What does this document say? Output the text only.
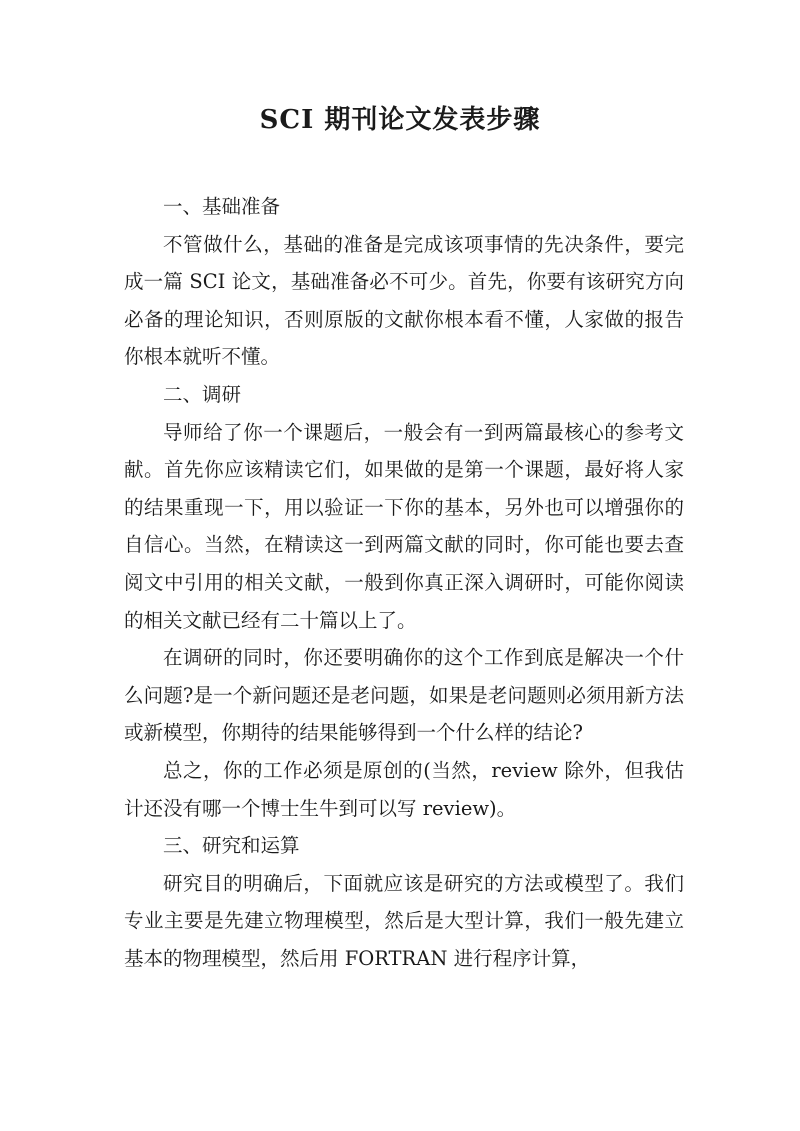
SCI 期刊论文发表步骤

一、基础准备

不管做什么，基础的准备是完成该项事情的先决条件，要完成一篇 SCI 论文，基础准备必不可少。首先，你要有该研究方向必备的理论知识，否则原版的文献你根本看不懂，人家做的报告你根本就听不懂。

二、调研

导师给了你一个课题后，一般会有一到两篇最核心的参考文献。首先你应该精读它们，如果做的是第一个课题，最好将人家的结果重现一下，用以验证一下你的基本，另外也可以增强你的自信心。当然，在精读这一到两篇文献的同时，你可能也要去查阅文中引用的相关文献，一般到你真正深入调研时，可能你阅读的相关文献已经有二十篇以上了。

在调研的同时，你还要明确你的这个工作到底是解决一个什么问题?是一个新问题还是老问题，如果是老问题则必须用新方法或新模型，你期待的结果能够得到一个什么样的结论?

总之，你的工作必须是原创的(当然，review 除外，但我估计还没有哪一个博士生牛到可以写 review)。

三、研究和运算

研究目的明确后，下面就应该是研究的方法或模型了。我们专业主要是先建立物理模型，然后是大型计算，我们一般先建立基本的物理模型，然后用 FORTRAN 进行程序计算，
